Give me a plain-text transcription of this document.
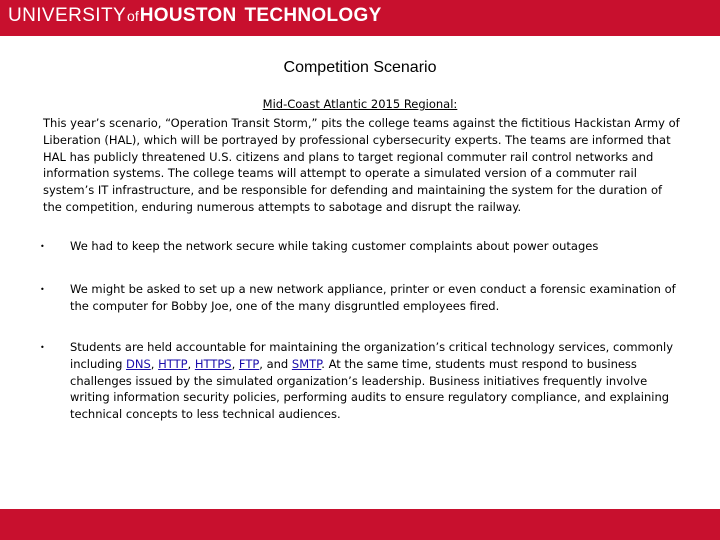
UNIVERSITY of HOUSTON TECHNOLOGY
Competition Scenario
Mid-Coast Atlantic 2015 Regional:
This year’s scenario, “Operation Transit Storm,” pits the college teams against the fictitious Hackistan Army of Liberation (HAL), which will be portrayed by professional cybersecurity experts. The teams are informed that HAL has publicly threatened U.S. citizens and plans to target regional commuter rail control networks and information systems. The college teams will attempt to operate a simulated version of a commuter rail system’s IT infrastructure, and be responsible for defending and maintaining the system for the duration of the competition, enduring numerous attempts to sabotage and disrupt the railway.
• We had to keep the network secure while taking customer complaints about power outages
• We might be asked to set up a new network appliance, printer or even conduct a forensic examination of the computer for Bobby Joe, one of the many disgruntled employees fired.
• Students are held accountable for maintaining the organization’s critical technology services, commonly including DNS, HTTP, HTTPS, FTP, and SMTP. At the same time, students must respond to business challenges issued by the simulated organization’s leadership. Business initiatives frequently involve writing information security policies, performing audits to ensure regulatory compliance, and explaining technical concepts to less technical audiences.
